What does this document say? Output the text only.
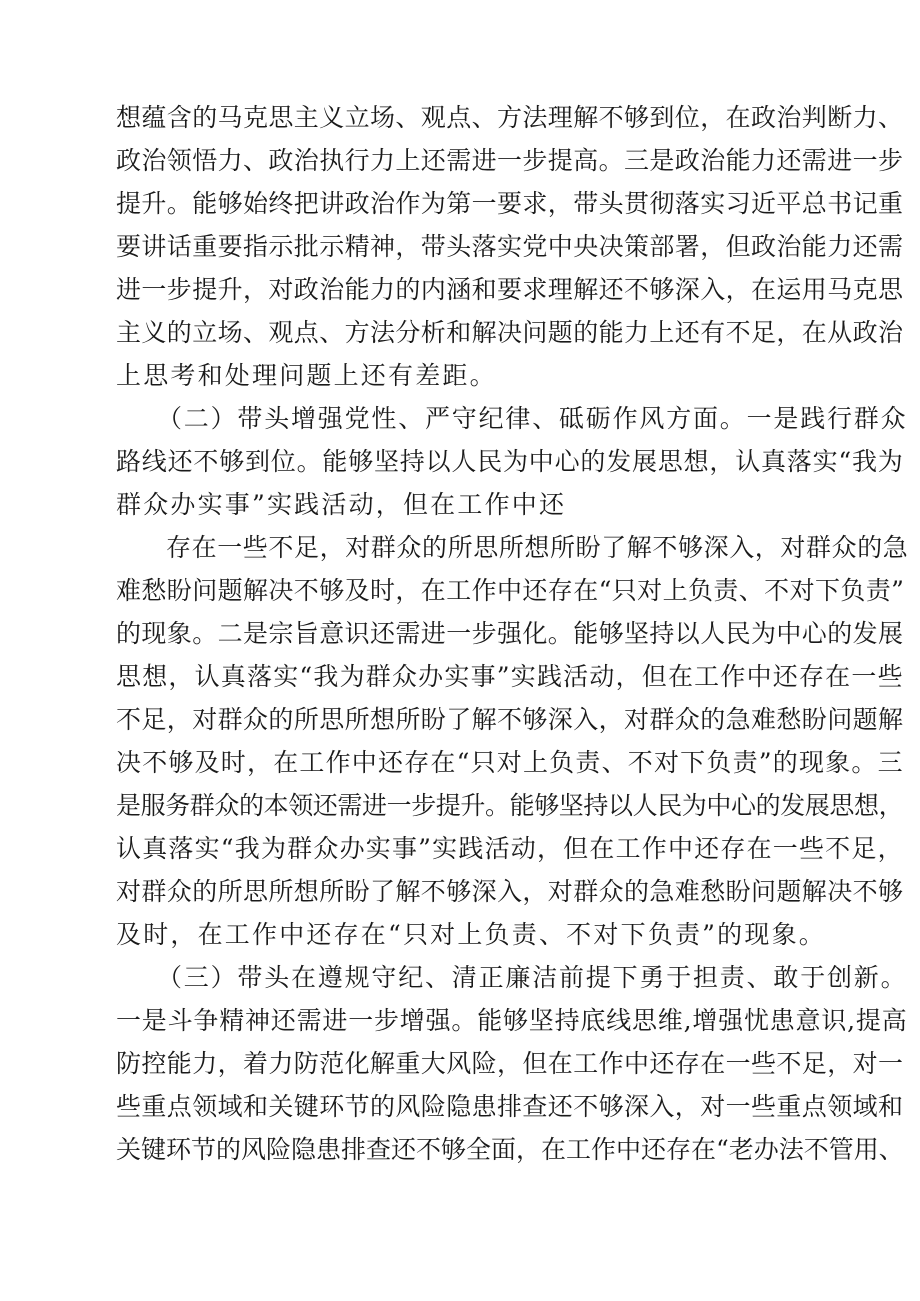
想蕴含的马克思主义立场、观点、方法理解不够到位，在政治判断力、
政治领悟力、政治执行力上还需进一步提高。三是政治能力还需进一步
提升。能够始终把讲政治作为第一要求，带头贯彻落实习近平总书记重
要讲话重要指示批示精神，带头落实党中央决策部署，但政治能力还需
进一步提升，对政治能力的内涵和要求理解还不够深入，在运用马克思
主义的立场、观点、方法分析和解决问题的能力上还有不足，在从政治
上思考和处理问题上还有差距。
（二）带头增强党性、严守纪律、砥砺作风方面。一是践行群众
路线还不够到位。能够坚持以人民为中心的发展思想，认真落实“我为
群众办实事”实践活动，但在工作中还
存在一些不足，对群众的所思所想所盼了解不够深入，对群众的急
难愁盼问题解决不够及时，在工作中还存在“只对上负责、不对下负责”
的现象。二是宗旨意识还需进一步强化。能够坚持以人民为中心的发展
思想，认真落实“我为群众办实事”实践活动，但在工作中还存在一些
不足，对群众的所思所想所盼了解不够深入，对群众的急难愁盼问题解
决不够及时，在工作中还存在“只对上负责、不对下负责”的现象。三
是服务群众的本领还需进一步提升。能够坚持以人民为中心的发展思想，
认真落实“我为群众办实事”实践活动，但在工作中还存在一些不足，
对群众的所思所想所盼了解不够深入，对群众的急难愁盼问题解决不够
及时，在工作中还存在“只对上负责、不对下负责”的现象。
（三）带头在遵规守纪、清正廉洁前提下勇于担责、敢于创新。
一是斗争精神还需进一步增强。能够坚持底线思维,增强忧患意识,提高
防控能力，着力防范化解重大风险，但在工作中还存在一些不足，对一
些重点领域和关键环节的风险隐患排查还不够深入，对一些重点领域和
关键环节的风险隐患排查还不够全面，在工作中还存在“老办法不管用、
